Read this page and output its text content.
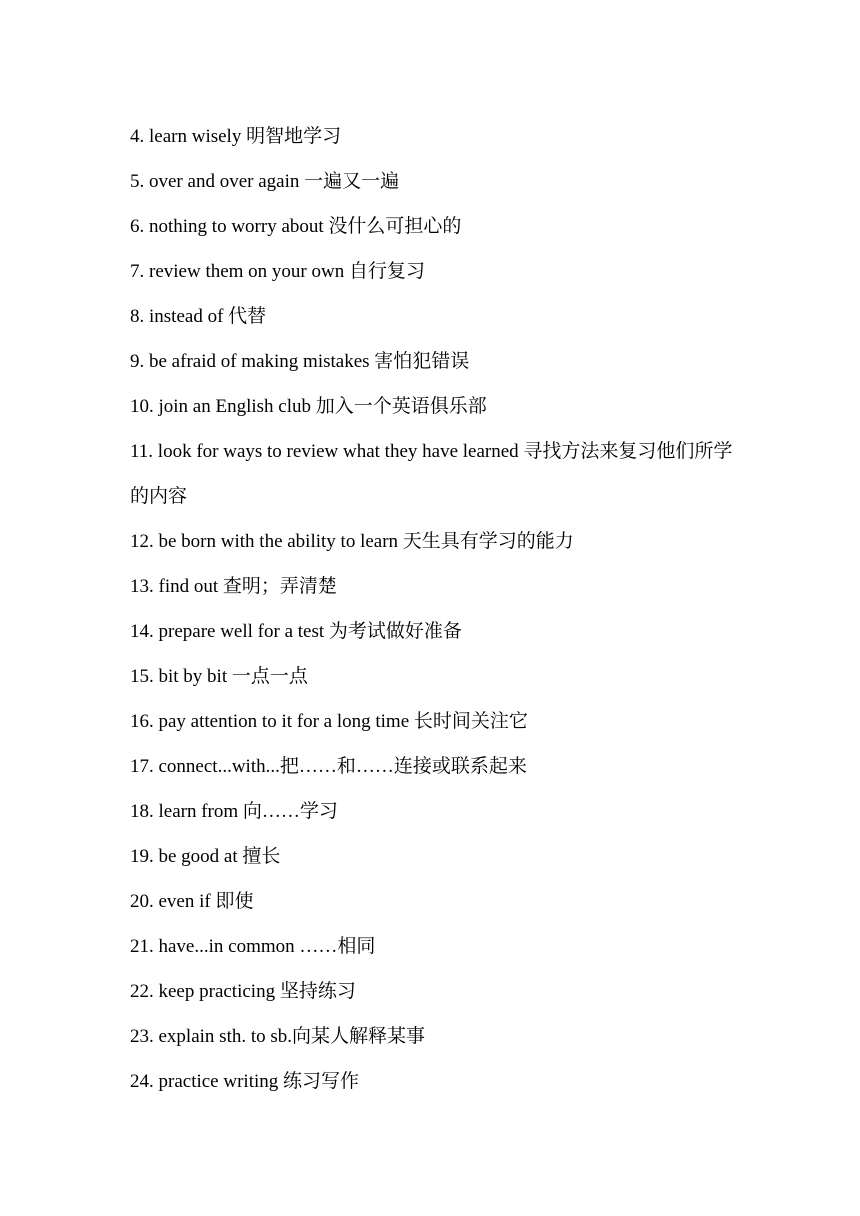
4. learn wisely 明智地学习
5. over and over again 一遍又一遍
6. nothing to worry about 没什么可担心的
7. review them on your own 自行复习
8. instead of 代替
9. be afraid of making mistakes 害怕犯错误
10. join an English club 加入一个英语俱乐部
11. look for ways to review what they have learned 寻找方法来复习他们所学的内容
12. be born with the ability to learn 天生具有学习的能力
13. find out 查明；弄清楚
14. prepare well for a test 为考试做好准备
15. bit by bit 一点一点
16. pay attention to it for a long time 长时间关注它
17. connect...with...把……和……连接或联系起来
18. learn from 向……学习
19. be good at 擅长
20. even if 即使
21. have...in common ……相同
22. keep practicing 坚持练习
23. explain sth. to sb.向某人解释某事
24. practice writing 练习写作
